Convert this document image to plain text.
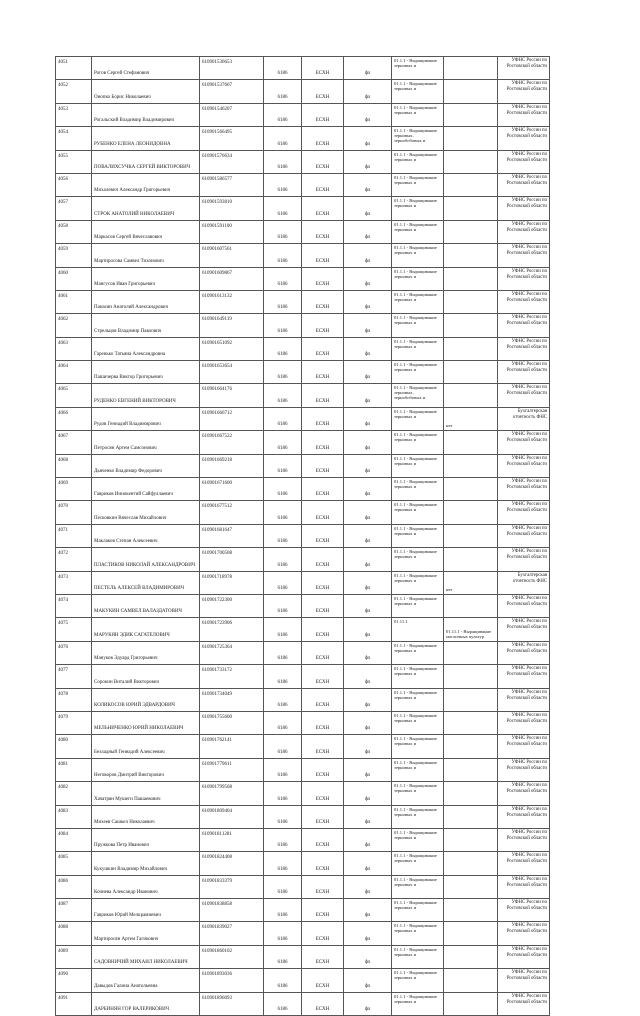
4051	Рогов Сергей Стефанович	610901536653	6186	ЕСХН	фл	01.1.1 - Выращивание зерновых и		УФНС России по Ростовской области
4052	Онопко Борис Николаевич	610901537667	6186	ЕСХН	фл	01.1.1 - Выращивание зерновых и		УФНС России по Ростовской области
4053	Рогальский Владимир Владимирович	610901546207	6186	ЕСХН	фл	01.1.1 - Выращивание зерновых и		УФНС России по Ростовской области
4054	РУБЕНКО ЕЛЕНА ЛЕОНИДОВНА	610901566495	6186	ЕСХН	фл	01.1.1 - Выращивание зерновых, зернобобовых и		УФНС России по Ростовской области
4055	ПОВАЛИХСУЧКА СЕРГЕЙ ВИКТОРОВИЧ	610901576634	6186	ЕСХН	фл	01.1.1 - Выращивание зерновых и		УФНС России по Ростовской области
4056	Михалевич Александр Григорьевич	610901586577	6186	ЕСХН	фл	01.1.1 - Выращивание зерновых и		УФНС России по Ростовской области
4057	СТРОК АНАТОЛИЙ НИКОЛАЕВИЧ	610901593810	6186	ЕСХН	фл	01.1.1 - Выращивание зерновых и		УФНС России по Ростовской области
4058	Маркасов Сергей Вячеславович	610901591100	6186	ЕСХН	фл	01.1.1 - Выращивание зерновых и		УФНС России по Ростовской области
4059	Мартиросова Самвел Тихонович	610901607561	6186	ЕСХН	фл	01.1.1 - Выращивание зерновых и		УФНС России по Ростовской области
4060	Мангусов Иван Григорьевич	610901609867	6186	ЕСХН	фл	01.1.1 - Выращивание зерновых и		УФНС России по Ростовской области
4061	Панасян Анатолий Александрович	610901613132	6186	ЕСХН	фл	01.1.1 - Выращивание зерновых и		УФНС России по Ростовской области
4062	Стрельцов Владимир Павлович	610901649119	6186	ЕСХН	фл	01.1.1 - Выращивание зерновых и		УФНС России по Ростовской области
4063	Гаренько Татьяна Александровна	610901651092	6186	ЕСХН	фл	01.1.1 - Выращивание зерновых и		УФНС России по Ростовской области
4064	Пашичерва Виктор Григорьевич	610901653654	6186	ЕСХН	фл	01.1.1 - Выращивание зерновых и		УФНС России по Ростовской области
4065	РУДЕНКО ЕВГЕНИЙ ВИКТОРОВИЧ	610901664176	6186	ЕСХН	фл	01.1.1 - Выращивание зерновых, зернобобовых и		УФНС России по Ростовской области
4066	Рудов Геннадий Владимирович	610901666712	6186	ЕСХН	фл	01.1.1 - Выращивание зерновых и	нет	Бухгалтерская отчетность ФНС
4067	Петросян Артем Самсонович	610901667522	6186	ЕСХН	фл	01.1.1 - Выращивание зерновых и		УФНС России по Ростовской области
4068	Дьяченко Владимир Федорович	610901669218	6186	ЕСХН	фл	01.1.1 - Выращивание зерновых и		УФНС России по Ростовской области
4069	Гавриков Иннокентий Сайфуллаевич	610901671600	6186	ЕСХН	фл	01.1.1 - Выращивание зерновых и		УФНС России по Ростовской области
4070	Песковкин Вячеслав Михайлович	610901677512	6186	ЕСХН	фл	01.1.1 - Выращивание зерновых и		УФНС России по Ростовской области
4071	Маклаков Степан Алексеевич	610901681647	6186	ЕСХН	фл	01.1.1 - Выращивание зерновых и		УФНС России по Ростовской области
4072	ПЛАСТИКОВ НИКОЛАЙ АЛЕКСАНДРОВИЧ	610901700508	6186	ЕСХН	фл	01.1.1 - Выращивание зерновых и		УФНС России по Ростовской области
4073	ПЕСТЕЛЬ АЛЕКСЕЙ ВЛАДИМИРОВИЧ	610901718978	6186	ЕСХН	фл	01.1.1 - Выращивание зерновых и	нет	Бухгалтерская отчетность ФНС
4074	МАКУКИН САМВЕЛ ВАЛАЗДАТОВИЧ	610901722300	6186	ЕСХН	фл	01.1.1 - Выращивание зерновых и		УФНС России по Ростовской области
4075	МАРУКЯН ЭДИК САГАТЕЛОВИЧ	610901723906	6186	ЕСХН	фл	01.11.1	01.11.1 - Выращивание масличных культур	УФНС России по Ростовской области
4076	Мануков Эдуард Григорьевич	610901725364	6186	ЕСХН	фл	01.1.1 - Выращивание зерновых и		УФНС России по Ростовской области
4077	Сорокин Виталий Викторович	610901733172	6186	ЕСХН	фл	01.1.1 - Выращивание зерновых и		УФНС России по Ростовской области
4078	КОЛИКОСОВ ЮРИЙ ЭДВАРДОВИЧ	610901734049	6186	ЕСХН	фл	01.1.1 - Выращивание зерновых и		УФНС России по Ростовской области
4079	МЕЛЬНИЧЕНКО ЮРИЙ НИКОЛАЕВИЧ	610901755600	6186	ЕСХН	фл	01.1.1 - Выращивание зерновых и		УФНС России по Ростовской области
4080	Безладный Геннадий Алексеевич	610901762141	6186	ЕСХН	фл	01.1.1 - Выращивание зерновых и		УФНС России по Ростовской области
4081	Неговоров Дмитрий Викторович	610901779611	6186	ЕСХН	фл	01.1.1 - Выращивание зерновых и		УФНС России по Ростовской области
4082	Хачатрян Мушеги Пашаевович	610901799568	6186	ЕСХН	фл	01.1.1 - Выращивание зерновых и		УФНС России по Ростовской области
4083	Михеев Сашкел Николаевич	610901809404	6186	ЕСХН	фл	01.1.1 - Выращивание зерновых и		УФНС России по Ростовской области
4084	Пружкова Петр Иванович	610901811281	6186	ЕСХН	фл	01.1.1 - Выращивание зерновых и		УФНС России по Ростовской области
4085	Кукушкин Владимир Михайлович	610901824408	6186	ЕСХН	фл	01.1.1 - Выращивание зерновых и		УФНС России по Ростовской области
4086	Кочнева Александр Иванович	610901833379	6186	ЕСХН	фл	01.1.1 - Выращивание зерновых и		УФНС России по Ростовской области
4087	Гавриков Юрий Мелкрамиевич	610901838858	6186	ЕСХН	фл	01.1.1 - Выращивание зерновых и		УФНС России по Ростовской области
4088	Мартиросян Артем Гагикович	610901839027	6186	ЕСХН	фл	01.1.1 - Выращивание зерновых и		УФНС России по Ростовской области
4089	САДОВНИЧИЙ МИХАИЛ НИКОЛАЕВИЧ	610901860102	6186	ЕСХН	фл	01.1.1 - Выращивание зерновых и		УФНС России по Ростовской области
4090	Давыдов Галина Анатольевна	610901893036	6186	ЕСХН	фл	01.1.1 - Выращивание зерновых и		УФНС России по Ростовской области
4091	ДАРБИНЯН ГОР ВАЛЕРИКОВИЧ	610901896093	6186	ЕСХН	фл	01.1.1 - Выращивание зерновых и		УФНС России по Ростовской области
